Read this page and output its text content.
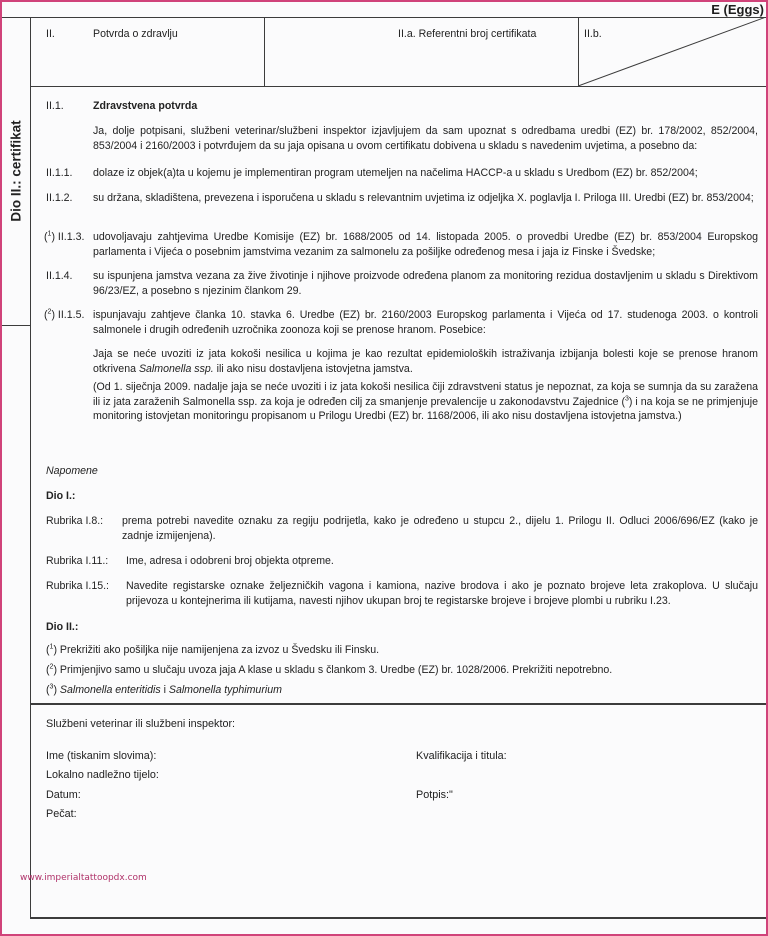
E (Eggs)
Dio II.: certifikat
II.	Potvrda o zdravlju	II.a. Referentni broj certifikata	II.b.
II.1.	Zdravstvena potvrda
Ja, dolje potpisani, službeni veterinar/službeni inspektor izjavljujem da sam upoznat s odredbama uredbi (EZ) br. 178/2002, 852/2004, 853/2004 i 2160/2003 i potvrđujem da su jaja opisana u ovom certifikatu dobivena u skladu s navedenim uvjetima, a posebno da:
II.1.1. dolaze iz objek(a)ta u kojemu je implementiran program utemeljen na načelima HACCP-a u skladu s Uredbom (EZ) br. 852/2004;
II.1.2. su držana, skladištena, prevezena i isporučena u skladu s relevantnim uvjetima iz odjeljka X. poglavlja I. Priloga III. Uredbi (EZ) br. 853/2004;
($^1$) II.1.3. udovoljavaju zahtjevima Uredbe Komisije (EZ) br. 1688/2005 od 14. listopada 2005. o provedbi Uredbe (EZ) br. 853/2004 Europskog parlamenta i Vijeća o posebnim jamstvima vezanim za salmonelu za pošiljke određenog mesa i jaja iz Finske i Švedske;
II.1.4. su ispunjena jamstva vezana za žive životinje i njihove proizvode određena planom za monitoring rezidua dostavljenim u skladu s Direktivom 96/23/EZ, a posebno s njezinim člankom 29.
($^2$) II.1.5. ispunjavaju zahtjeve članka 10. stavka 6. Uredbe (EZ) br. 2160/2003 Europskog parlamenta i Vijeća od 17. studenoga 2003. o kontroli salmonele i drugih određenih uzročnika zoonoza koji se prenose hranom. Posebice:
Jaja se neće uvoziti iz jata kokoši nesilica u kojima je kao rezultat epidemioloških istraživanja izbijanja bolesti koje se prenose hranom otkrivena Salmonella ssp. ili ako nisu dostavljena istovjetna jamstva.
(Od 1. siječnja 2009. nadalje jaja se neće uvoziti i iz jata kokoši nesilica čiji zdravstveni status je nepoznat, za koja se sumnja da su zaražena ili iz jata zaraženih Salmonella ssp. za koja je određen cilj za smanjenje prevalencije u zakonodavstvu Zajednice ($^3$) i na koja se ne primjenjuje monitoring istovjetan monitoringu propisanom u Prilogu Uredbi (EZ) br. 1168/2006, ili ako nisu dostavljena istovjetna jamstva.)
Napomene
Dio I.:
Rubrika I.8.: prema potrebi navedite oznaku za regiju podrijetla, kako je određeno u stupcu 2., dijelu 1. Prilogu II. Odluci 2006/696/EZ (kako je zadnje izmijenjena).
Rubrika I.11.: Ime, adresa i odobreni broj objekta otpreme.
Rubrika I.15.: Navedite registarske oznake željezničkih vagona i kamiona, nazive brodova i ako je poznato brojeve leta zrakoplova. U slučaju prijevoza u kontejnerima ili kutijama, navesti njihov ukupan broj te registarske brojeve i brojeve plombi u rubriku I.23.
Dio II.:
($^1$) Prekrižiti ako pošiljka nije namijenjena za izvoz u Švedsku ili Finsku.
($^2$) Primjenjivo samo u slučaju uvoza jaja A klase u skladu s člankom 3. Uredbe (EZ) br. 1028/2006. Prekrižiti nepotrebno.
($^3$) Salmonella enteritidis i Salmonella typhimurium
Službeni veterinar ili službeni inspektor:
Ime (tiskanim slovima):	Kvalifikacija i titula:
Lokalno nadležno tijelo:
Datum:	Potpis:"
Pečat:
www.imperialtattoopdx.com
